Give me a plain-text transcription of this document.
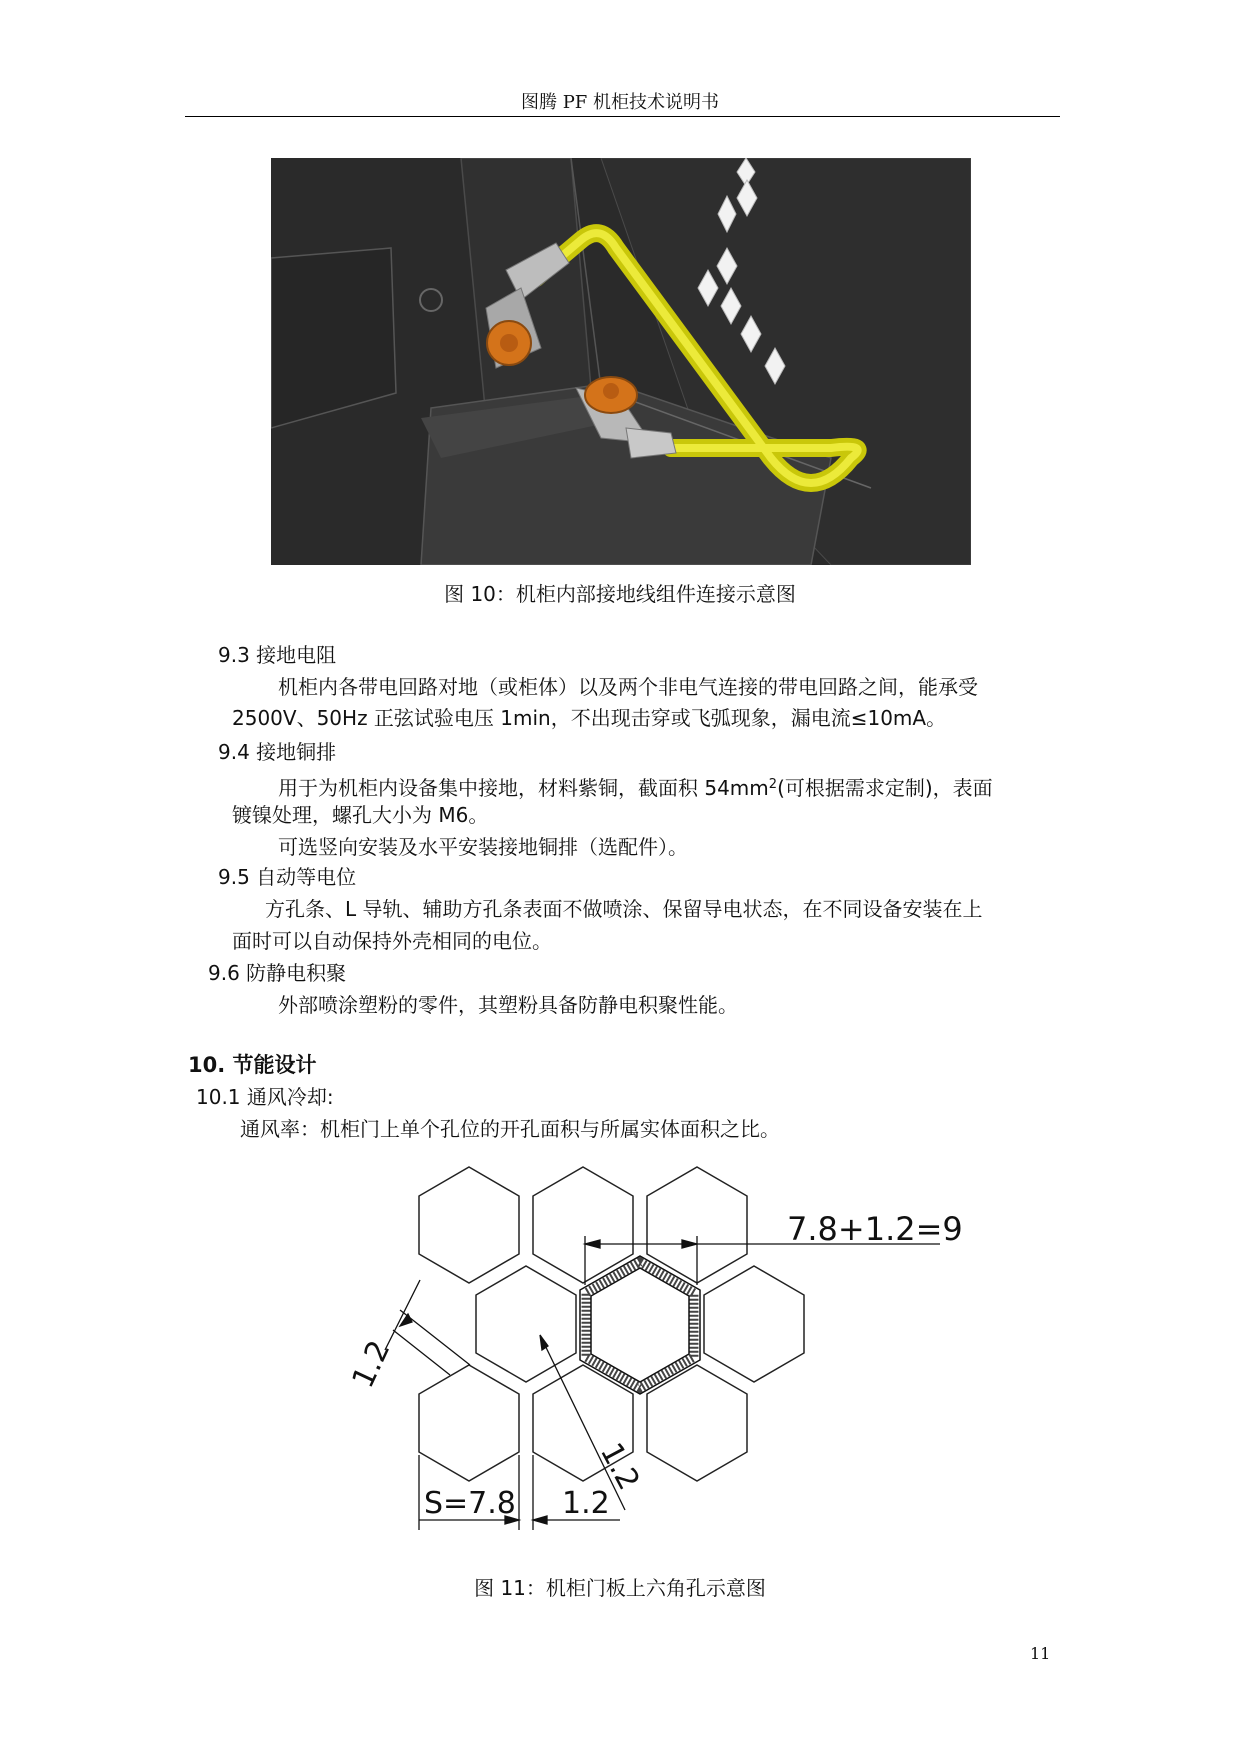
图腾 PF 机柜技术说明书
图 10：机柜内部接地线组件连接示意图
9.3 接地电阻
机柜内各带电回路对地（或柜体）以及两个非电气连接的带电回路之间，能承受
2500V、50Hz 正弦试验电压 1min，不出现击穿或飞弧现象，漏电流≤10mA。
9.4 接地铜排
用于为机柜内设备集中接地，材料紫铜，截面积 $54mm^2$(可根据需求定制)，表面
镀镍处理，螺孔大小为 M6。
可选竖向安装及水平安装接地铜排（选配件）。
9.5 自动等电位
方孔条、L 导轨、辅助方孔条表面不做喷涂、保留导电状态，在不同设备安装在上
面时可以自动保持外壳相同的电位。
9.6 防静电积聚
外部喷涂塑粉的零件，其塑粉具备防静电积聚性能。
10. 节能设计
10.1 通风冷却:
通风率：机柜门上单个孔位的开孔面积与所属实体面积之比。
7.8+1.2=9
1.2
1.2
S=7.8 1.2
图 11：机柜门板上六角孔示意图
11
